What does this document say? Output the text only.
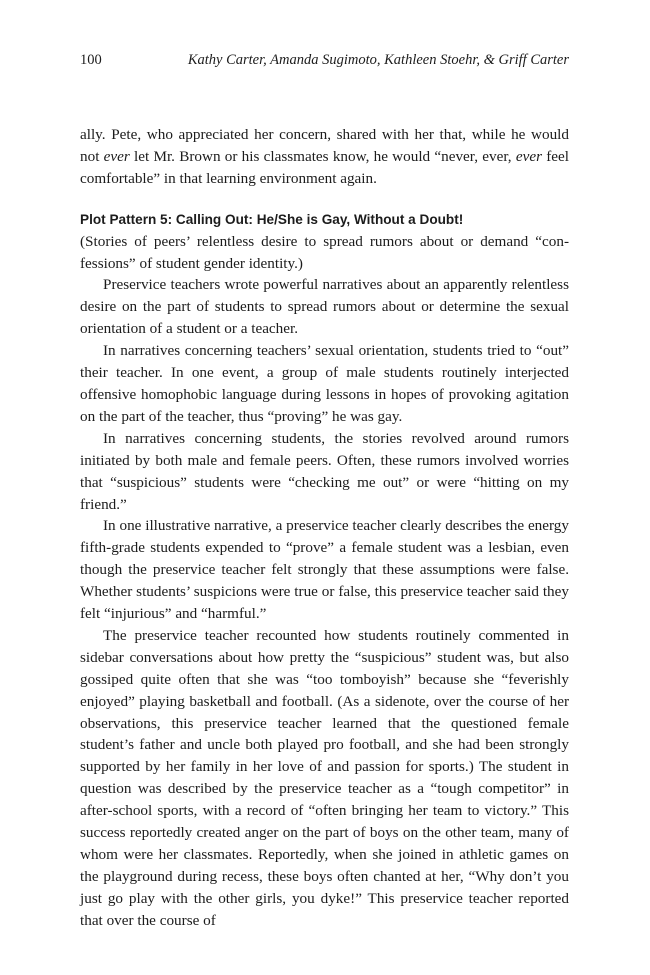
100	Kathy Carter, Amanda Sugimoto, Kathleen Stoehr, & Griff Carter

ally. Pete, who appreciated her concern, shared with her that, while he would not ever let Mr. Brown or his classmates know, he would “never, ever, ever feel comfortable” in that learning environment again.

Plot Pattern 5: Calling Out: He/She is Gay, Without a Doubt!

(Stories of peers’ relentless desire to spread rumors about or demand “confessions” of student gender identity.)

Preservice teachers wrote powerful narratives about an apparently relentless desire on the part of students to spread rumors about or determine the sexual orientation of a student or a teacher.

In narratives concerning teachers’ sexual orientation, students tried to “out” their teacher. In one event, a group of male students routinely interjected offensive homophobic language during lessons in hopes of provoking agitation on the part of the teacher, thus “proving” he was gay.

In narratives concerning students, the stories revolved around rumors initiated by both male and female peers. Often, these rumors involved worries that “suspicious” students were “checking me out” or were “hitting on my friend.”

In one illustrative narrative, a preservice teacher clearly describes the energy fifth-grade students expended to “prove” a female student was a lesbian, even though the preservice teacher felt strongly that these assumptions were false. Whether students’ suspicions were true or false, this preservice teacher said they felt “injurious” and “harmful.”

The preservice teacher recounted how students routinely commented in sidebar conversations about how pretty the “suspicious” student was, but also gossiped quite often that she was “too tomboyish” because she “feverishly enjoyed” playing basketball and football. (As a sidenote, over the course of her observations, this preservice teacher learned that the questioned female student’s father and uncle both played pro football, and she had been strongly supported by her family in her love of and passion for sports.) The student in question was described by the preservice teacher as a “tough competitor” in after-school sports, with a record of “often bringing her team to victory.” This success reportedly created anger on the part of boys on the other team, many of whom were her classmates. Reportedly, when she joined in athletic games on the playground during recess, these boys often chanted at her, “Why don’t you just go play with the other girls, you dyke!” This preservice teacher reported that over the course of
